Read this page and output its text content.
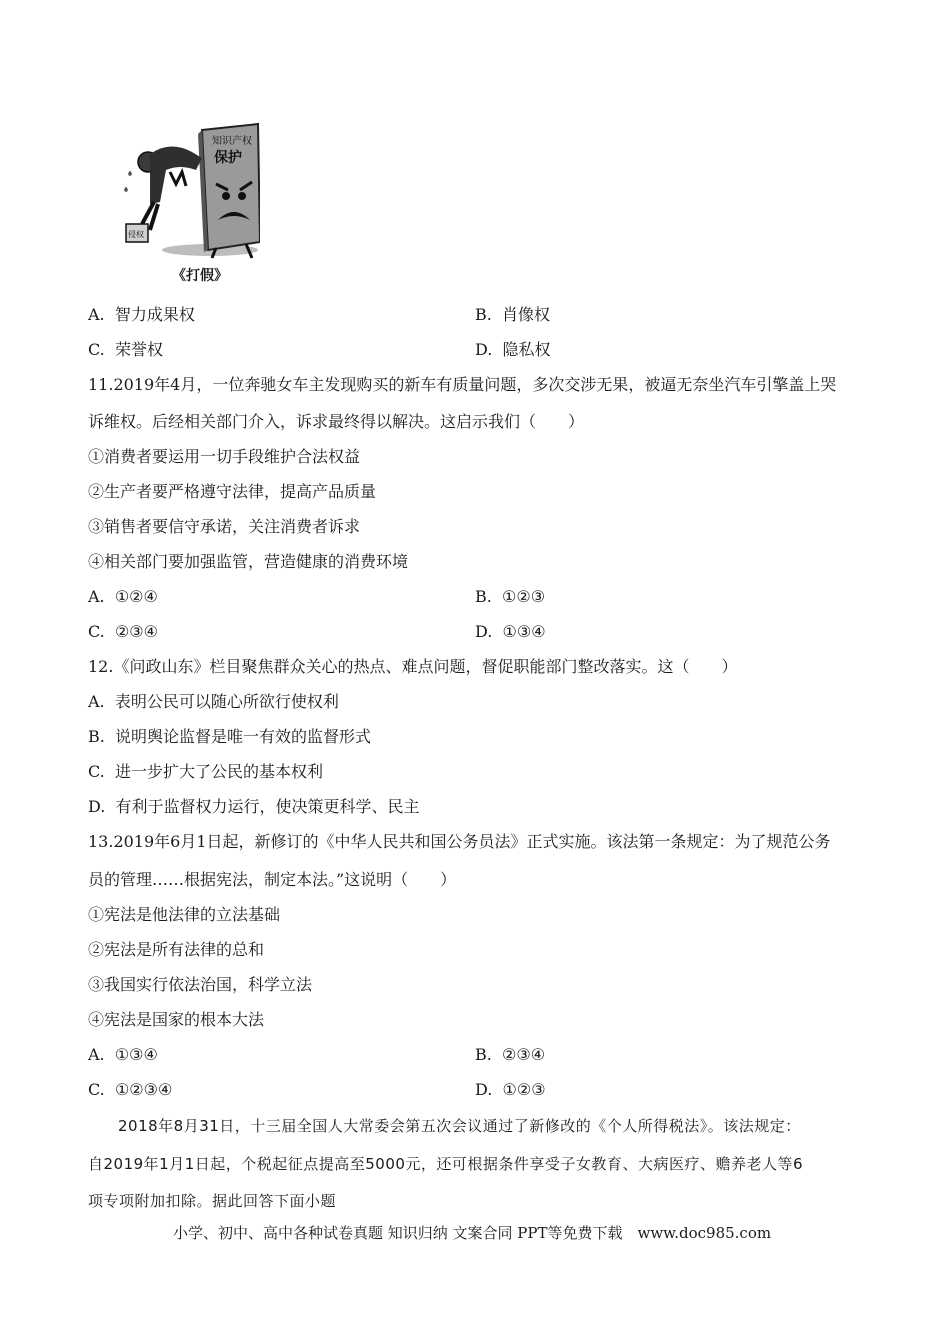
知识产权
保护
侵权
《打假》
A. 智力成果权	B. 肖像权
C. 荣誉权	D. 隐私权
11.2019年4月，一位奔驰女车主发现购买的新车有质量问题，多次交涉无果，被逼无奈坐汽车引擎盖上哭
诉维权。后经相关部门介入，诉求最终得以解决。这启示我们（　　）
①消费者要运用一切手段维护合法权益
②生产者要严格遵守法律，提高产品质量
③销售者要信守承诺，关注消费者诉求
④相关部门要加强监管，营造健康的消费环境
A. ①②④	B. ①②③
C. ②③④	D. ①③④
12.《问政山东》栏目聚焦群众关心的热点、难点问题，督促职能部门整改落实。这（　　）
A. 表明公民可以随心所欲行使权利
B. 说明舆论监督是唯一有效的监督形式
C. 进一步扩大了公民的基本权利
D. 有利于监督权力运行，使决策更科学、民主
13.2019年6月1日起，新修订的《中华人民共和国公务员法》正式实施。该法第一条规定：为了规范公务
员的管理……根据宪法，制定本法。”这说明（　　）
①宪法是他法律的立法基础
②宪法是所有法律的总和
③我国实行依法治国，科学立法
④宪法是国家的根本大法
A. ①③④	B. ②③④
C. ①②③④	D. ①②③
2018年8月31日，十三届全国人大常委会第五次会议通过了新修改的《个人所得税法》。该法规定：
自2019年1月1日起，个税起征点提高至5000元，还可根据条件享受子女教育、大病医疗、赡养老人等6
项专项附加扣除。据此回答下面小题
小学、初中、高中各种试卷真题 知识归纳 文案合同 PPT等免费下载　www.doc985.com
